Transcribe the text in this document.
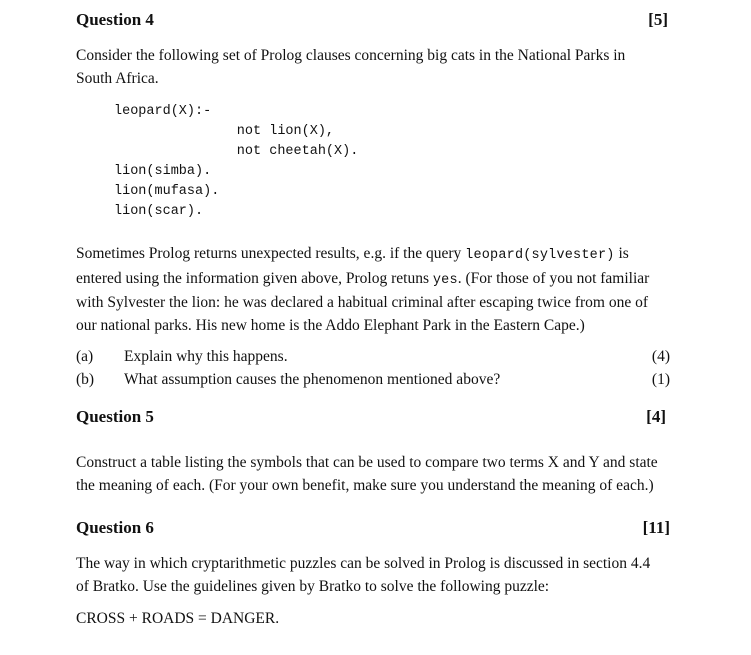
Question 4	[5]
Consider the following set of Prolog clauses concerning big cats in the National Parks in
South Africa.
leopard(X):-
not lion(X),
not cheetah(X).
lion(simba).
lion(mufasa).
lion(scar).
Sometimes Prolog returns unexpected results, e.g. if the query leopard(sylvester) is
entered using the information given above, Prolog retuns yes. (For those of you not familiar
with Sylvester the lion: he was declared a habitual criminal after escaping twice from one of
our national parks. His new home is the Addo Elephant Park in the Eastern Cape.)
(a)	Explain why this happens.	(4)
(b)	What assumption causes the phenomenon mentioned above?	(1)
Question 5	[4]
Construct a table listing the symbols that can be used to compare two terms X and Y and state
the meaning of each. (For your own benefit, make sure you understand the meaning of each.)
Question 6	[11]
The way in which cryptarithmetic puzzles can be solved in Prolog is discussed in section 4.4
of Bratko. Use the guidelines given by Bratko to solve the following puzzle:
CROSS + ROADS = DANGER.
